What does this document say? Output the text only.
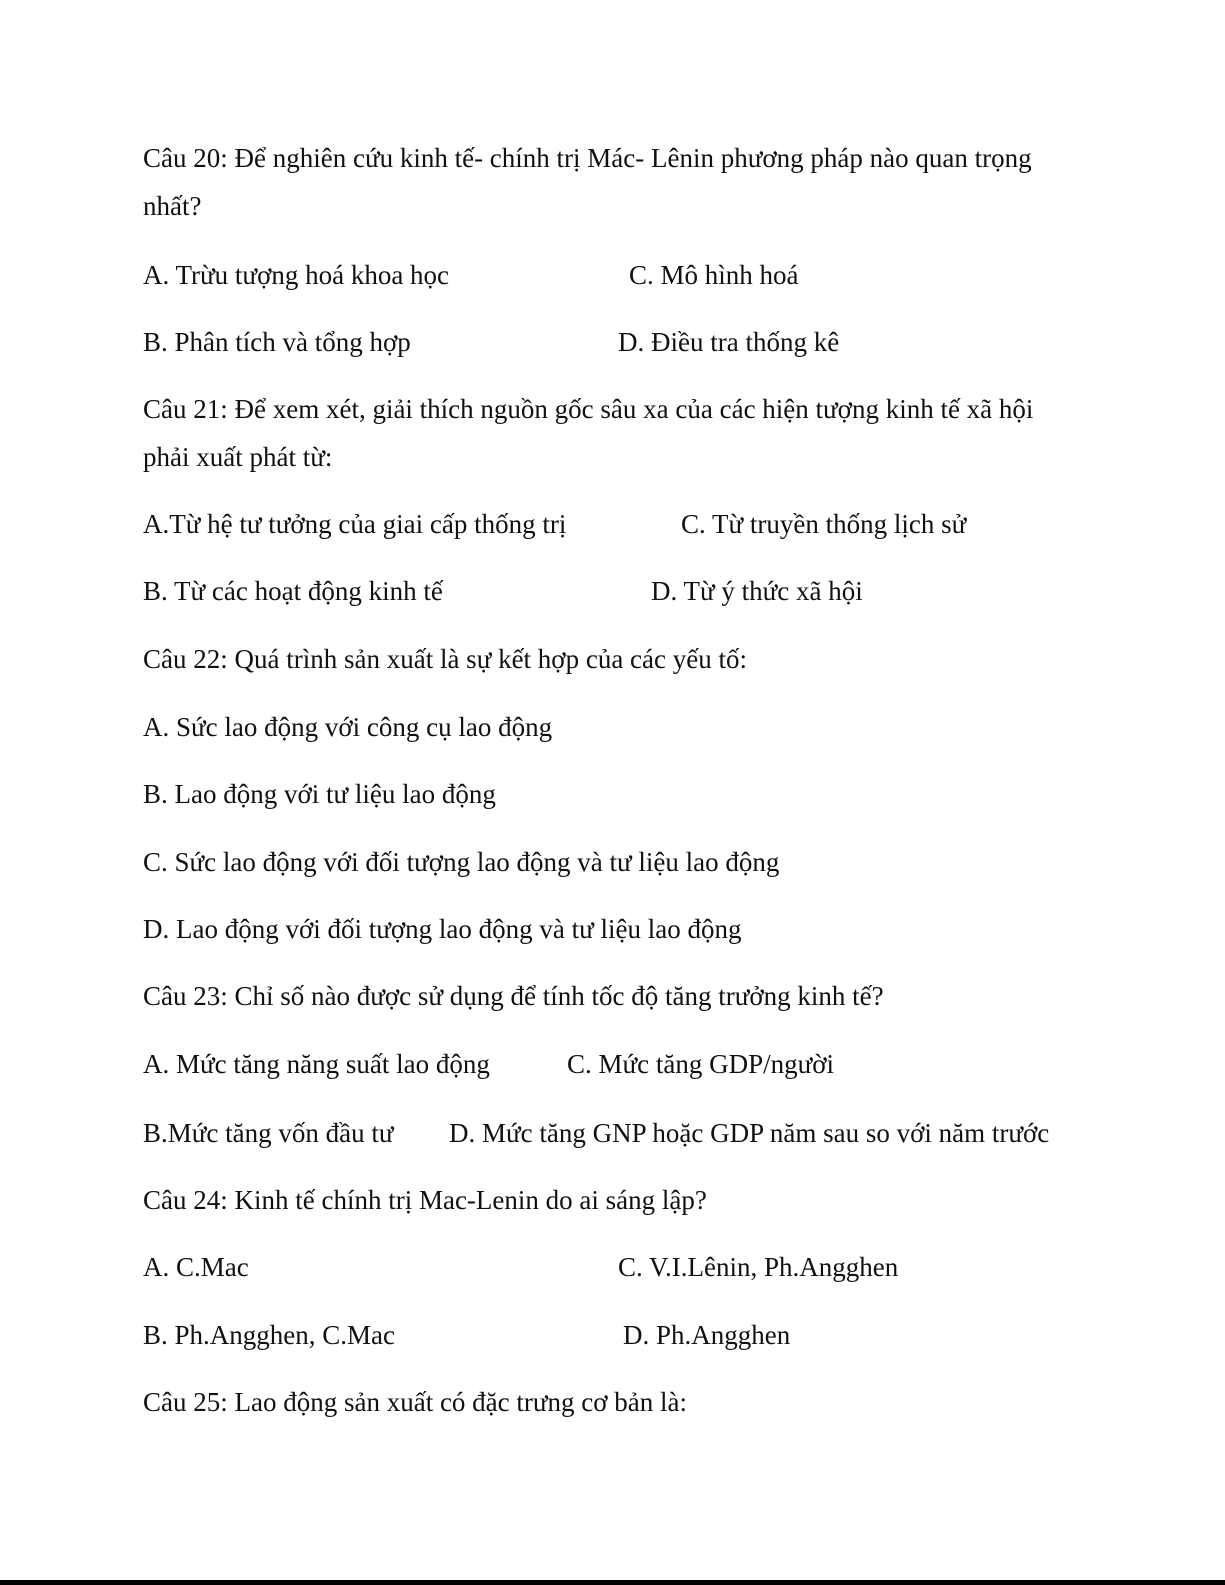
Câu 20: Để nghiên cứu kinh tế- chính trị Mác- Lênin phương pháp nào quan trọng
nhất?
A. Trừu tượng hoá khoa học	C. Mô hình hoá
B. Phân tích và tổng hợp	D. Điều tra thống kê
Câu 21: Để xem xét, giải thích nguồn gốc sâu xa của các hiện tượng kinh tế xã hội
phải xuất phát từ:
A.Từ hệ tư tưởng của giai cấp thống trị	C. Từ truyền thống lịch sử
B. Từ các hoạt động kinh tế	D. Từ ý thức xã hội
Câu 22: Quá trình sản xuất là sự kết hợp của các yếu tố:
A. Sức lao động với công cụ lao động
B. Lao động với tư liệu lao động
C. Sức lao động với đối tượng lao động và tư liệu lao động
D. Lao động với đối tượng lao động và tư liệu lao động
Câu 23: Chỉ số nào được sử dụng để tính tốc độ tăng trưởng kinh tế?
A. Mức tăng năng suất lao động	C. Mức tăng GDP/người
B.Mức tăng vốn đầu tư D. Mức tăng GNP hoặc GDP năm sau so với năm trước
Câu 24: Kinh tế chính trị Mac-Lenin do ai sáng lập?
A. C.Mac	C. V.I.Lênin, Ph.Angghen
B. Ph.Angghen, C.Mac	D. Ph.Angghen
Câu 25: Lao động sản xuất có đặc trưng cơ bản là:
